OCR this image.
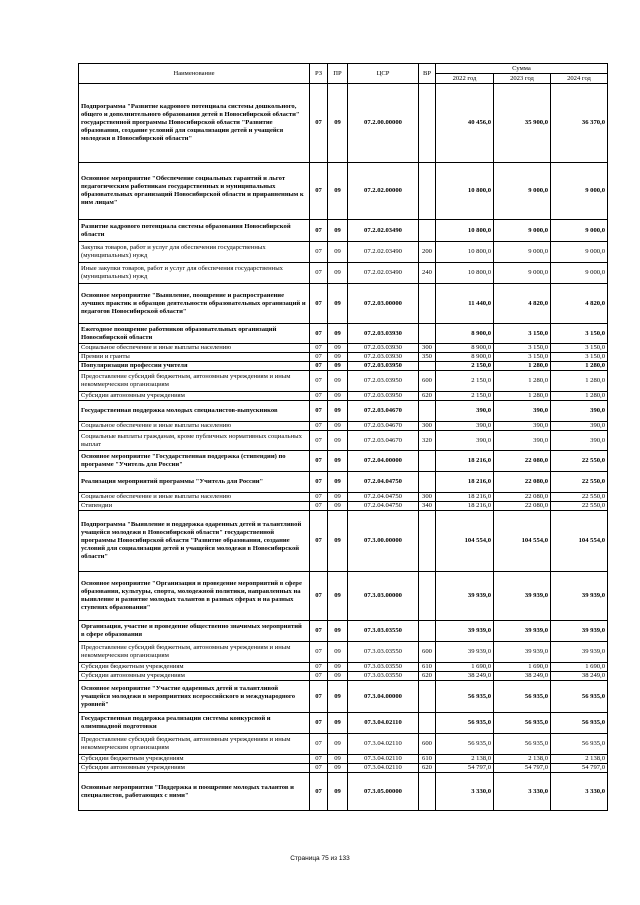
Наименование	РЗ	ПР	ЦСР	ВР	Сумма		
					2022 год	2023 год	2024 год
Подпрограмма "Развитие кадрового потенциала системы дошкольного, общего и дополнительного образования детей в Новосибирской области" государственной программы Новосибирской области "Развитие образования, создание условий для социализации детей и учащейся молодежи в Новосибирской области"	07	09	07.2.00.00000		40 456,0	35 900,0	36 370,0
Основное мероприятие "Обеспечение социальных гарантий и льгот педагогическим работникам государственных и муниципальных образовательных организаций Новосибирской области и приравненным к ним лицам"	07	09	07.2.02.00000		10 800,0	9 000,0	9 000,0
Развитие кадрового потенциала системы образования Новосибирской области	07	09	07.2.02.03490		10 800,0	9 000,0	9 000,0
Закупка товаров, работ и услуг для обеспечения государственных (муниципальных) нужд	07	09	07.2.02.03490	200	10 800,0	9 000,0	9 000,0
Иные закупки товаров, работ и услуг для обеспечения государственных (муниципальных) нужд	07	09	07.2.02.03490	240	10 800,0	9 000,0	9 000,0
Основное мероприятие "Выявление, поощрение и распространение лучших практик и образцов деятельности образовательных организаций и педагогов Новосибирской области"	07	09	07.2.03.00000		11 440,0	4 820,0	4 820,0
Ежегодное поощрение работников образовательных организаций Новосибирской области	07	09	07.2.03.03930		8 900,0	3 150,0	3 150,0
Социальное обеспечение и иные выплаты населению	07	09	07.2.03.03930	300	8 900,0	3 150,0	3 150,0
Премии и гранты	07	09	07.2.03.03930	350	8 900,0	3 150,0	3 150,0
Популяризация профессии учителя	07	09	07.2.03.03950		2 150,0	1 280,0	1 280,0
Предоставление субсидий бюджетным, автономным учреждениям и иным некоммерческим организациям	07	09	07.2.03.03950	600	2 150,0	1 280,0	1 280,0
Субсидии автономным учреждениям	07	09	07.2.03.03950	620	2 150,0	1 280,0	1 280,0
Государственная поддержка молодых специалистов-выпускников	07	09	07.2.03.04670		390,0	390,0	390,0
Социальное обеспечение и иные выплаты населению	07	09	07.2.03.04670	300	390,0	390,0	390,0
Социальные выплаты гражданам, кроме публичных нормативных социальных выплат	07	09	07.2.03.04670	320	390,0	390,0	390,0
Основное мероприятие "Государственная поддержка (стипендии) по программе "Учитель для России"	07	09	07.2.04.00000		18 216,0	22 080,0	22 550,0
Реализация мероприятий программы "Учитель для России"	07	09	07.2.04.04750		18 216,0	22 080,0	22 550,0
Социальное обеспечение и иные выплаты населению	07	09	07.2.04.04750	300	18 216,0	22 080,0	22 550,0
Стипендии	07	09	07.2.04.04750	340	18 216,0	22 080,0	22 550,0
Подпрограмма "Выявление и поддержка одаренных детей и талантливой учащейся молодежи в Новосибирской области" государственной программы Новосибирской области "Развитие образования, создание условий для социализации детей и учащейся молодежи в Новосибирской области"	07	09	07.3.00.00000		104 554,0	104 554,0	104 554,0
Основное мероприятие "Организация и проведение мероприятий в сфере образования, культуры, спорта, молодежной политики, направленных на выявление и развитие молодых талантов в разных сферах и на разных ступенях образования"	07	09	07.3.03.00000		39 939,0	39 939,0	39 939,0
Организация, участие и проведение общественно значимых мероприятий в сфере образования	07	09	07.3.03.03550		39 939,0	39 939,0	39 939,0
Предоставление субсидий бюджетным, автономным учреждениям и иным некоммерческим организациям	07	09	07.3.03.03550	600	39 939,0	39 939,0	39 939,0
Субсидии бюджетным учреждениям	07	09	07.3.03.03550	610	1 690,0	1 690,0	1 690,0
Субсидии автономным учреждениям	07	09	07.3.03.03550	620	38 249,0	38 249,0	38 249,0
Основное мероприятие "Участие одаренных детей и талантливой учащейся молодежи в мероприятиях всероссийского и международного уровней"	07	09	07.3.04.00000		56 935,0	56 935,0	56 935,0
Государственная поддержка реализации системы конкурсной и олимпиадной подготовки	07	09	07.3.04.02110		56 935,0	56 935,0	56 935,0
Предоставление субсидий бюджетным, автономным учреждениям и иным некоммерческим организациям	07	09	07.3.04.02110	600	56 935,0	56 935,0	56 935,0
Субсидии бюджетным учреждениям	07	09	07.3.04.02110	610	2 138,0	2 138,0	2 138,0
Субсидии автономным учреждениям	07	09	07.3.04.02110	620	54 797,0	54 797,0	54 797,0
Основные мероприятия "Поддержка и поощрение молодых талантов и специалистов, работающих с ними"	07	09	07.3.05.00000		3 330,0	3 330,0	3 330,0
Страница 75 из 133
